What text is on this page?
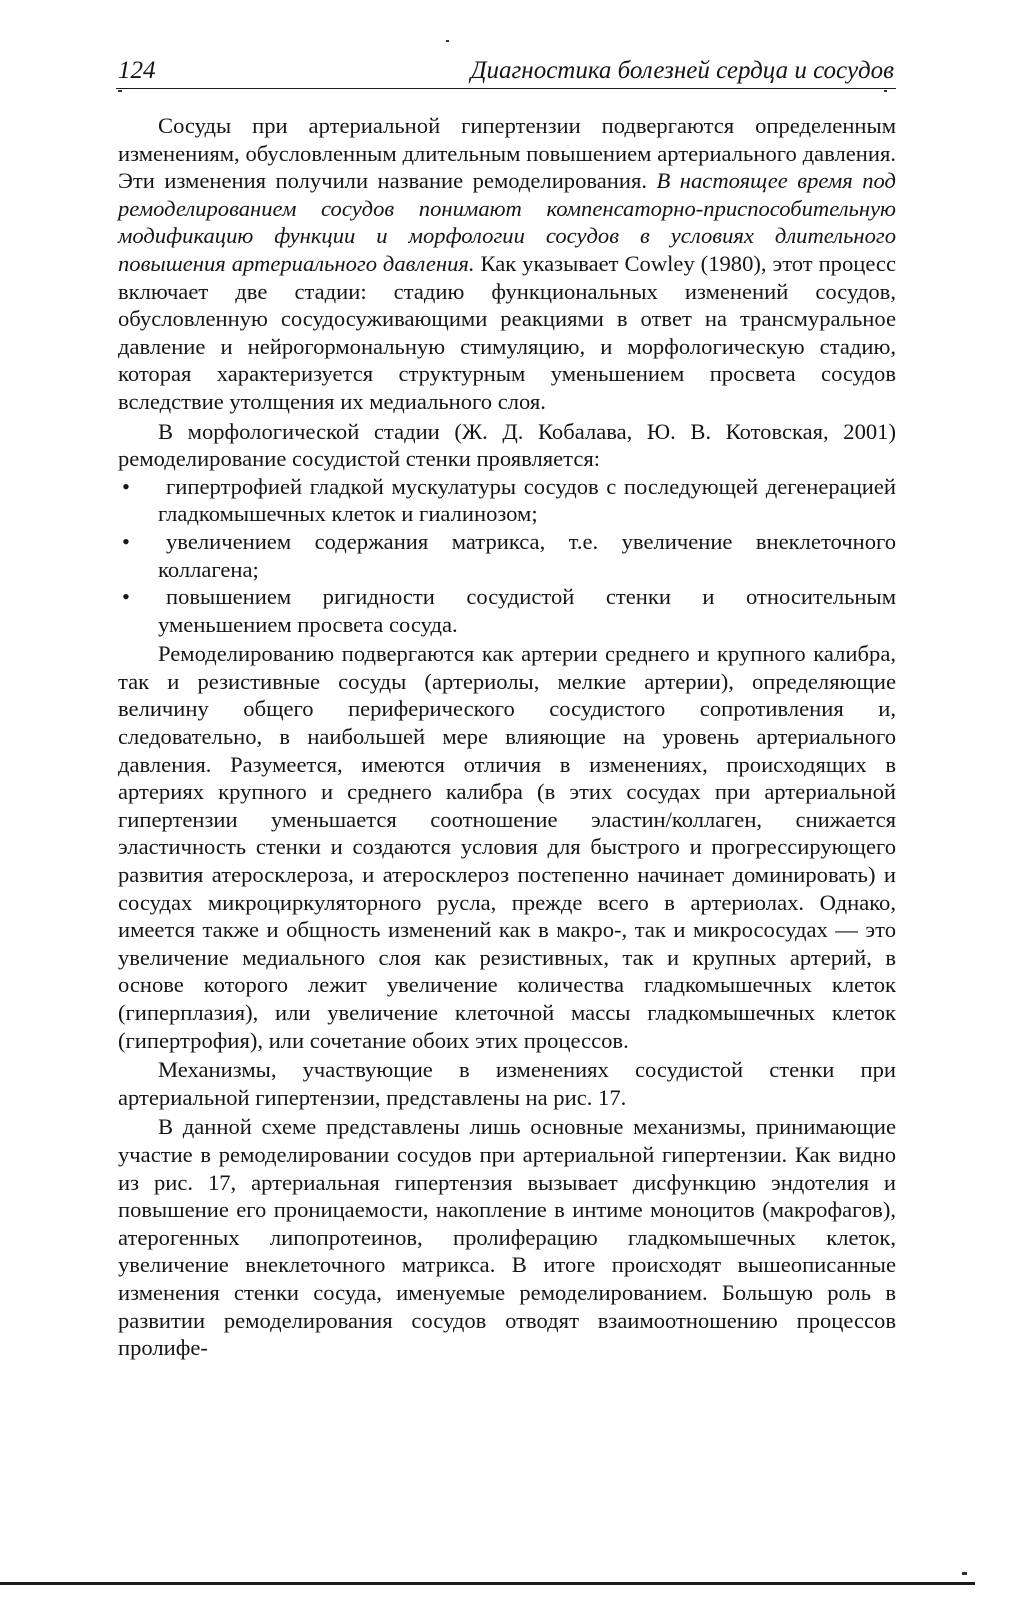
124	Диагностика болезней сердца и сосудов

Сосуды при артериальной гипертензии подвергаются определенным изменениям, обусловленным длительным повышением артериального давления. Эти изменения получили название ремоделирования. В настоящее время под ремоделированием сосудов понимают компенсаторно-приспособительную модификацию функции и морфологии сосудов в условиях длительного повышения артериального давления. Как указывает Cowley (1980), этот процесс включает две стадии: стадию функциональных изменений сосудов, обусловленную сосудосуживающими реакциями в ответ на трансмуральное давление и нейрогормональную стимуляцию, и морфологическую стадию, которая характеризуется структурным уменьшением просвета сосудов вследствие утолщения их медиального слоя.

В морфологической стадии (Ж. Д. Кобалава, Ю. В. Котовская, 2001) ремоделирование сосудистой стенки проявляется:

• гипертрофией гладкой мускулатуры сосудов с последующей дегенерацией гладкомышечных клеток и гиалинозом;
• увеличением содержания матрикса, т.е. увеличение внеклеточного коллагена;
• повышением ригидности сосудистой стенки и относительным уменьшением просвета сосуда.

Ремоделированию подвергаются как артерии среднего и крупного калибра, так и резистивные сосуды (артериолы, мелкие артерии), определяющие величину общего периферического сосудистого сопротивления и, следовательно, в наибольшей мере влияющие на уровень артериального давления. Разумеется, имеются отличия в изменениях, происходящих в артериях крупного и среднего калибра (в этих сосудах при артериальной гипертензии уменьшается соотношение эластин/коллаген, снижается эластичность стенки и создаются условия для быстрого и прогрессирующего развития атеросклероза, и атеросклероз постепенно начинает доминировать) и сосудах микроциркуляторного русла, прежде всего в артериолах. Однако, имеется также и общность изменений как в макро-, так и микрососудах — это увеличение медиального слоя как резистивных, так и крупных артерий, в основе которого лежит увеличение количества гладкомышечных клеток (гиперплазия), или увеличение клеточной массы гладкомышечных клеток (гипертрофия), или сочетание обоих этих процессов.

Механизмы, участвующие в изменениях сосудистой стенки при артериальной гипертензии, представлены на рис. 17.

В данной схеме представлены лишь основные механизмы, принимающие участие в ремоделировании сосудов при артериальной гипертензии. Как видно из рис. 17, артериальная гипертензия вызывает дисфункцию эндотелия и повышение его проницаемости, накопление в интиме моноцитов (макрофагов), атерогенных липопротеинов, пролиферацию гладкомышечных клеток, увеличение внеклеточного матрикса. В итоге происходят вышеописанные изменения стенки сосуда, именуемые ремоделированием. Большую роль в развитии ремоделирования сосудов отводят взаимоотношению процессов пролифе-
